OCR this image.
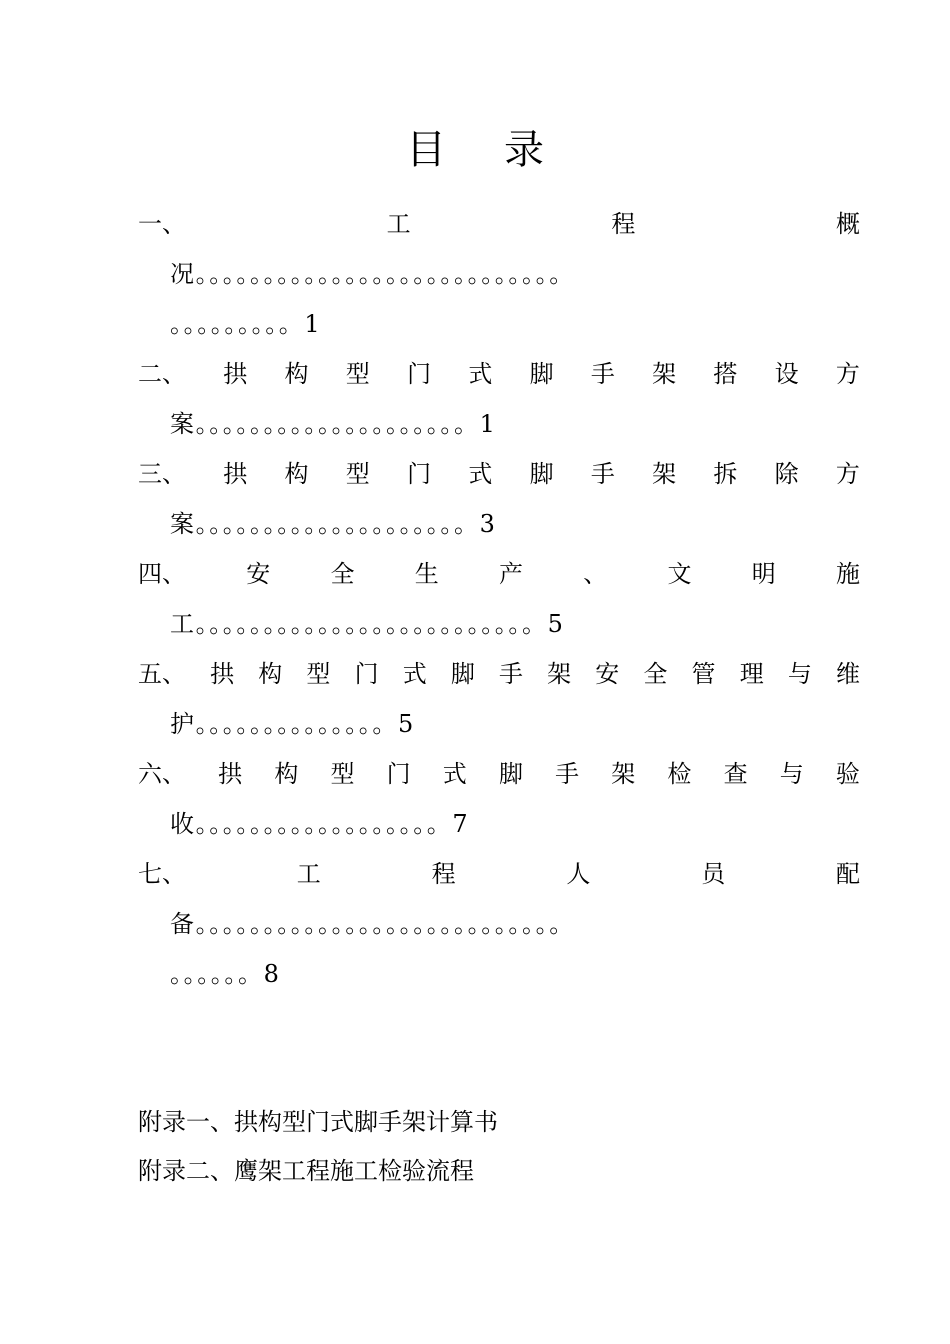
目 录
一、	工	程	概
况。。。。。。。。。。。。。。。。。。。。。。。。。。。
。。。。。。。。。1
二、 拱 构 型 门 式 脚 手 架 搭 设 方
案。。。。。。。。。。。。。。。。。。。。1
三、 拱 构 型 门 式 脚 手 架 拆 除 方
案。。。。。。。。。。。。。。。。。。。。3
四、	安	全	生	产	、	文	明	施
工。。。。。。。。。。。。。。。。。。。。。。。。。5
五、 拱 构 型 门 式 脚 手 架 安 全 管 理 与 维
护。。。。。。。。。。。。。。5
六、 拱 构 型 门 式 脚 手 架 检 查 与 验
收。。。。。。。。。。。。。。。。。。7
七、	工	程	人	员	配
备。。。。。。。。。。。。。。。。。。。。。。。。。。。
。。。。。。8
附录一、拱构型门式脚手架计算书
附录二、鹰架工程施工检验流程
